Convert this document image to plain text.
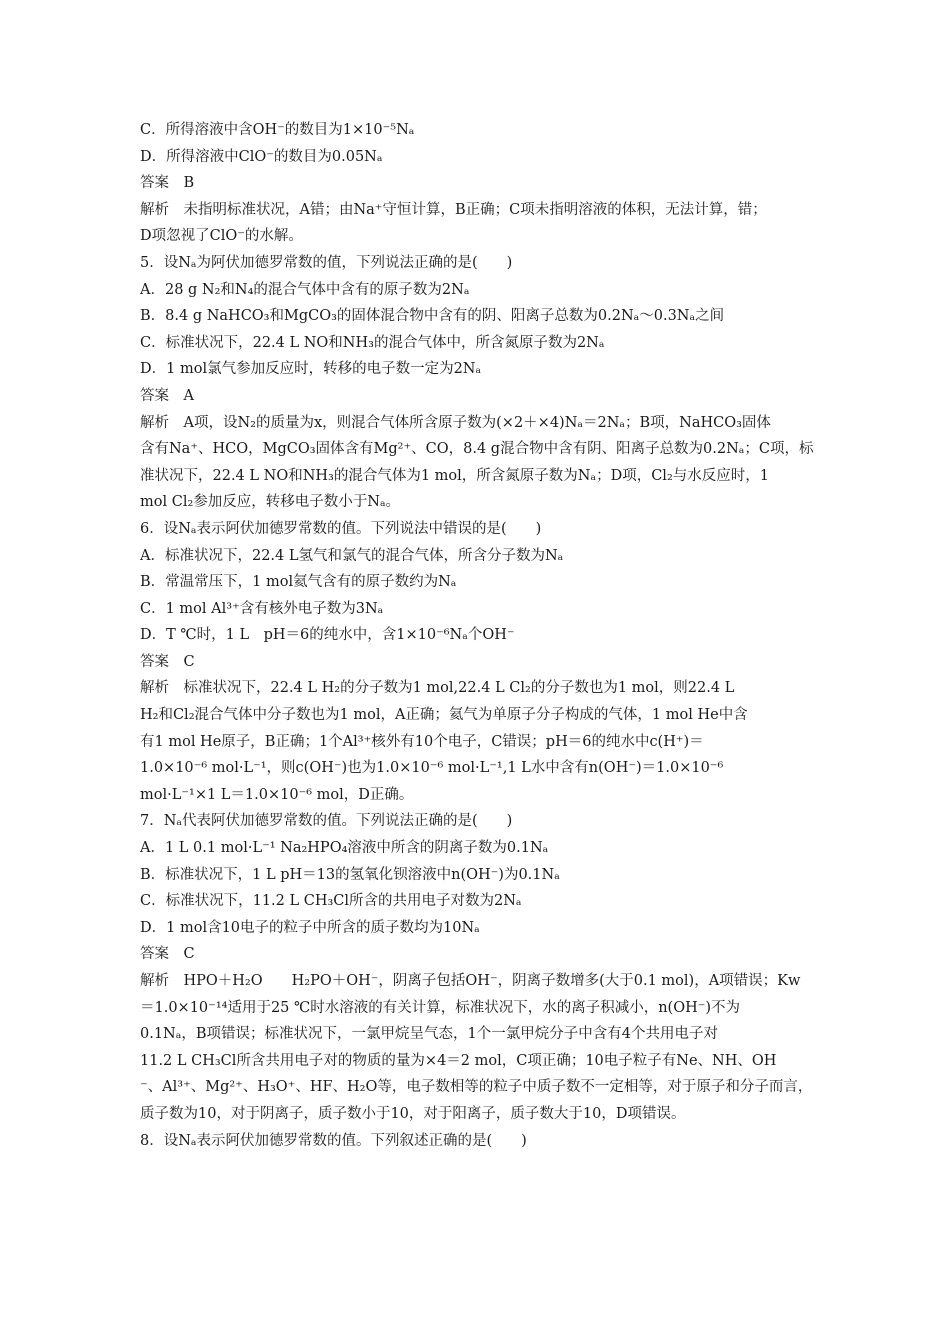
C．所得溶液中含OH⁻的数目为1×10⁻⁵Nₐ
D．所得溶液中ClO⁻的数目为0.05Nₐ
答案　B
解析　未指明标准状况，A错；由Na⁺守恒计算，B正确；C项未指明溶液的体积，无法计算，错；
D项忽视了ClO⁻的水解。
5．设Nₐ为阿伏加德罗常数的值，下列说法正确的是(　　)
A．28 g N₂和N₄的混合气体中含有的原子数为2Nₐ
B．8.4 g NaHCO₃和MgCO₃的固体混合物中含有的阴、阳离子总数为0.2Nₐ～0.3Nₐ之间
C．标准状况下，22.4 L NO和NH₃的混合气体中，所含氮原子数为2Nₐ
D．1 mol氯气参加反应时，转移的电子数一定为2Nₐ
答案　A
解析　A项，设N₂的质量为x，则混合气体所含原子数为(×2＋×4)Nₐ＝2Nₐ；B项，NaHCO₃固体
含有Na⁺、HCO，MgCO₃固体含有Mg²⁺、CO，8.4 g混合物中含有阴、阳离子总数为0.2Nₐ；C项，标
准状况下，22.4 L NO和NH₃的混合气体为1 mol，所含氮原子数为Nₐ；D项，Cl₂与水反应时，1
mol Cl₂参加反应，转移电子数小于Nₐ。
6．设Nₐ表示阿伏加德罗常数的值。下列说法中错误的是(　　)
A．标准状况下，22.4 L氢气和氯气的混合气体，所含分子数为Nₐ
B．常温常压下，1 mol氦气含有的原子数约为Nₐ
C．1 mol Al³⁺含有核外电子数为3Nₐ
D．T ℃时，1 L　pH＝6的纯水中，含1×10⁻⁶Nₐ个OH⁻
答案　C
解析　标准状况下，22.4 L H₂的分子数为1 mol,22.4 L Cl₂的分子数也为1 mol，则22.4 L
H₂和Cl₂混合气体中分子数也为1 mol，A正确；氦气为单原子分子构成的气体，1 mol He中含
有1 mol He原子，B正确；1个Al³⁺核外有10个电子，C错误；pH＝6的纯水中c(H⁺)＝
1.0×10⁻⁶ mol·L⁻¹，则c(OH⁻)也为1.0×10⁻⁶ mol·L⁻¹,1 L水中含有n(OH⁻)＝1.0×10⁻⁶
mol·L⁻¹×1 L＝1.0×10⁻⁶ mol，D正确。
7．Nₐ代表阿伏加德罗常数的值。下列说法正确的是(　　)
A．1 L 0.1 mol·L⁻¹ Na₂HPO₄溶液中所含的阴离子数为0.1Nₐ
B．标准状况下，1 L pH＝13的氢氧化钡溶液中n(OH⁻)为0.1Nₐ
C．标准状况下，11.2 L CH₃Cl所含的共用电子对数为2Nₐ
D．1 mol含10电子的粒子中所含的质子数均为10Nₐ
答案　C
解析　HPO＋H₂O　　H₂PO＋OH⁻，阴离子包括OH⁻，阴离子数增多(大于0.1 mol)，A项错误；Kw
＝1.0×10⁻¹⁴适用于25 ℃时水溶液的有关计算，标准状况下，水的离子积减小，n(OH⁻)不为
0.1Nₐ，B项错误；标准状况下，一氯甲烷呈气态，1个一氯甲烷分子中含有4个共用电子对
11.2 L CH₃Cl所含共用电子对的物质的量为×4＝2 mol，C项正确；10电子粒子有Ne、NH、OH
⁻、Al³⁺、Mg²⁺、H₃O⁺、HF、H₂O等，电子数相等的粒子中质子数不一定相等，对于原子和分子而言，
质子数为10，对于阴离子，质子数小于10，对于阳离子，质子数大于10，D项错误。
8．设Nₐ表示阿伏加德罗常数的值。下列叙述正确的是(　　)
